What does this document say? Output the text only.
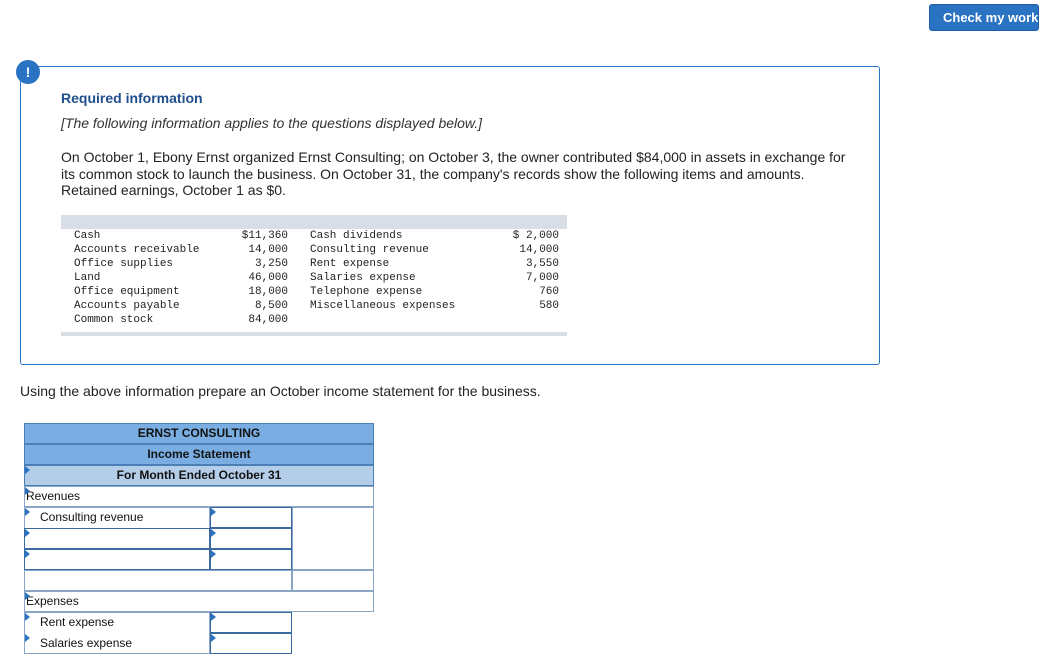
Check my work
!

Required information

[The following information applies to the questions displayed below.]

On October 1, Ebony Ernst organized Ernst Consulting; on October 3, the owner contributed $84,000 in assets in exchange for its common stock to launch the business. On October 31, the company's records show the following items and amounts. Retained earnings, October 1 as $0.

Cash	$11,360 Cash dividends	$ 2,000
Accounts receivable	14,000 Consulting revenue	14,000
Office supplies	3,250 Rent expense	3,550
Land	46,000 Salaries expense	7,000
Office equipment	18,000 Telephone expense	760
Accounts payable	8,500 Miscellaneous expenses	580
Common stock	84,000

Using the above information prepare an October income statement for the business.

ERNST CONSULTING
Income Statement
For Month Ended October 31
Revenues
Consulting revenue
Expenses
Rent expense
Salaries expense
